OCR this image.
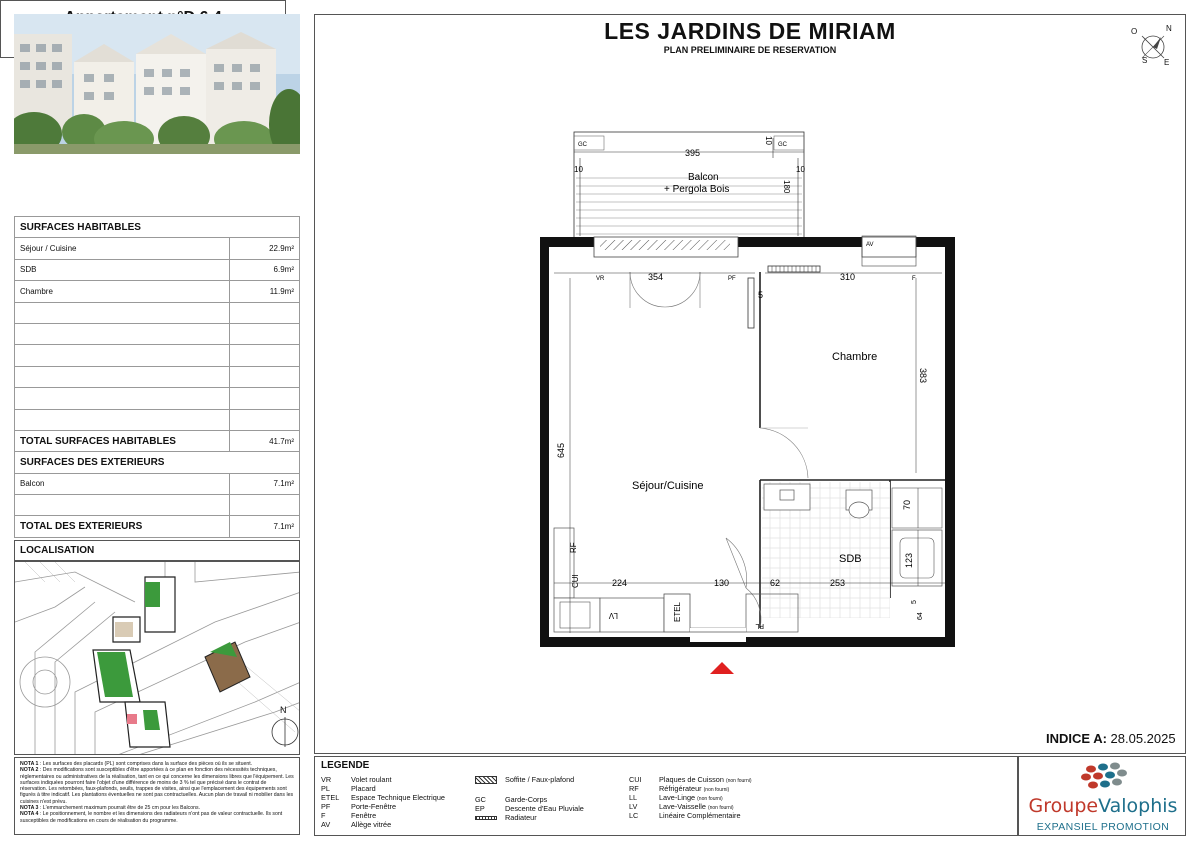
SURFACES HABITABLES	
Séjour / Cuisine	22.9m²
SDB	6.9m²
Chambre	11.9m²

TOTAL SURFACES HABITABLES	41.7m²
SURFACES DES EXTERIEURS	
Balcon	7.1m²

TOTAL DES EXTERIEURS	7.1m²
LOCALISATION
N
NOTA 1 : Les surfaces des placards (PL) sont comprises dans la surface des pièces où ils se situent.
NOTA 2 : Des modifications sont susceptibles d'être apportées à ce plan en fonction des nécessités techniques, réglementaires ou administratives de la réalisation, tant en ce qui concerne les dimensions libres que l'équipement. Les surfaces indiquées pourront faire l'objet d'une différence de moins de 3 % tel que précisé dans le contrat de réservation. Les retombées, faux-plafonds, seuils, trappes de visites, ainsi que l'emplacement des équipements sont figurés à titre indicatif. Les plantations éventuelles ne sont pas contractuelles. Aucun plan de travail ni mobilier dans les cuisines n'est prévu.
NOTA 3 : L'emmarchement maximum pourrait être de 25 cm pour les Balcons.
NOTA 4 : Le positionnement, le nombre et les dimensions des radiateurs n'ont pas de valeur contractuelle. Ils sont susceptibles de modifications en cours de réalisation du programme.
LES JARDINS DE MIRIAM
PLAN PRELIMINAIRE DE RESERVATION
N
O
E
S
GC	GC
395
10
10	10
180
Balcon
+ Pergola Bois
AV
VR	PF	F
354	310
5
383
645
70
123
224	130	62	253
5
64
Chambre
Séjour/Cuisine
SDB
RF
CUI
LV	ETEL
PL
INDICE A: 28.05.2025
LEGENDE
VR	Volet roulant
PL	Placard
ETEL Espace Technique Electrique
PF	Porte-Fenêtre
F	Fenêtre
AV	Allège vitrée
Soffite / Faux-plafond
GC	Garde-Corps
EP	Descente d'Eau Pluviale
Radiateur
CUI Plaques de Cuisson (non fourni)
RF	Réfrigérateur (non fourni)
LL	Lave-Linge (non fourni)
LV	Lave-Vaisselle (non fourni)
LC	Linéaire Complémentaire	GroupeValophis
EXPANSIEL PROMOTION
